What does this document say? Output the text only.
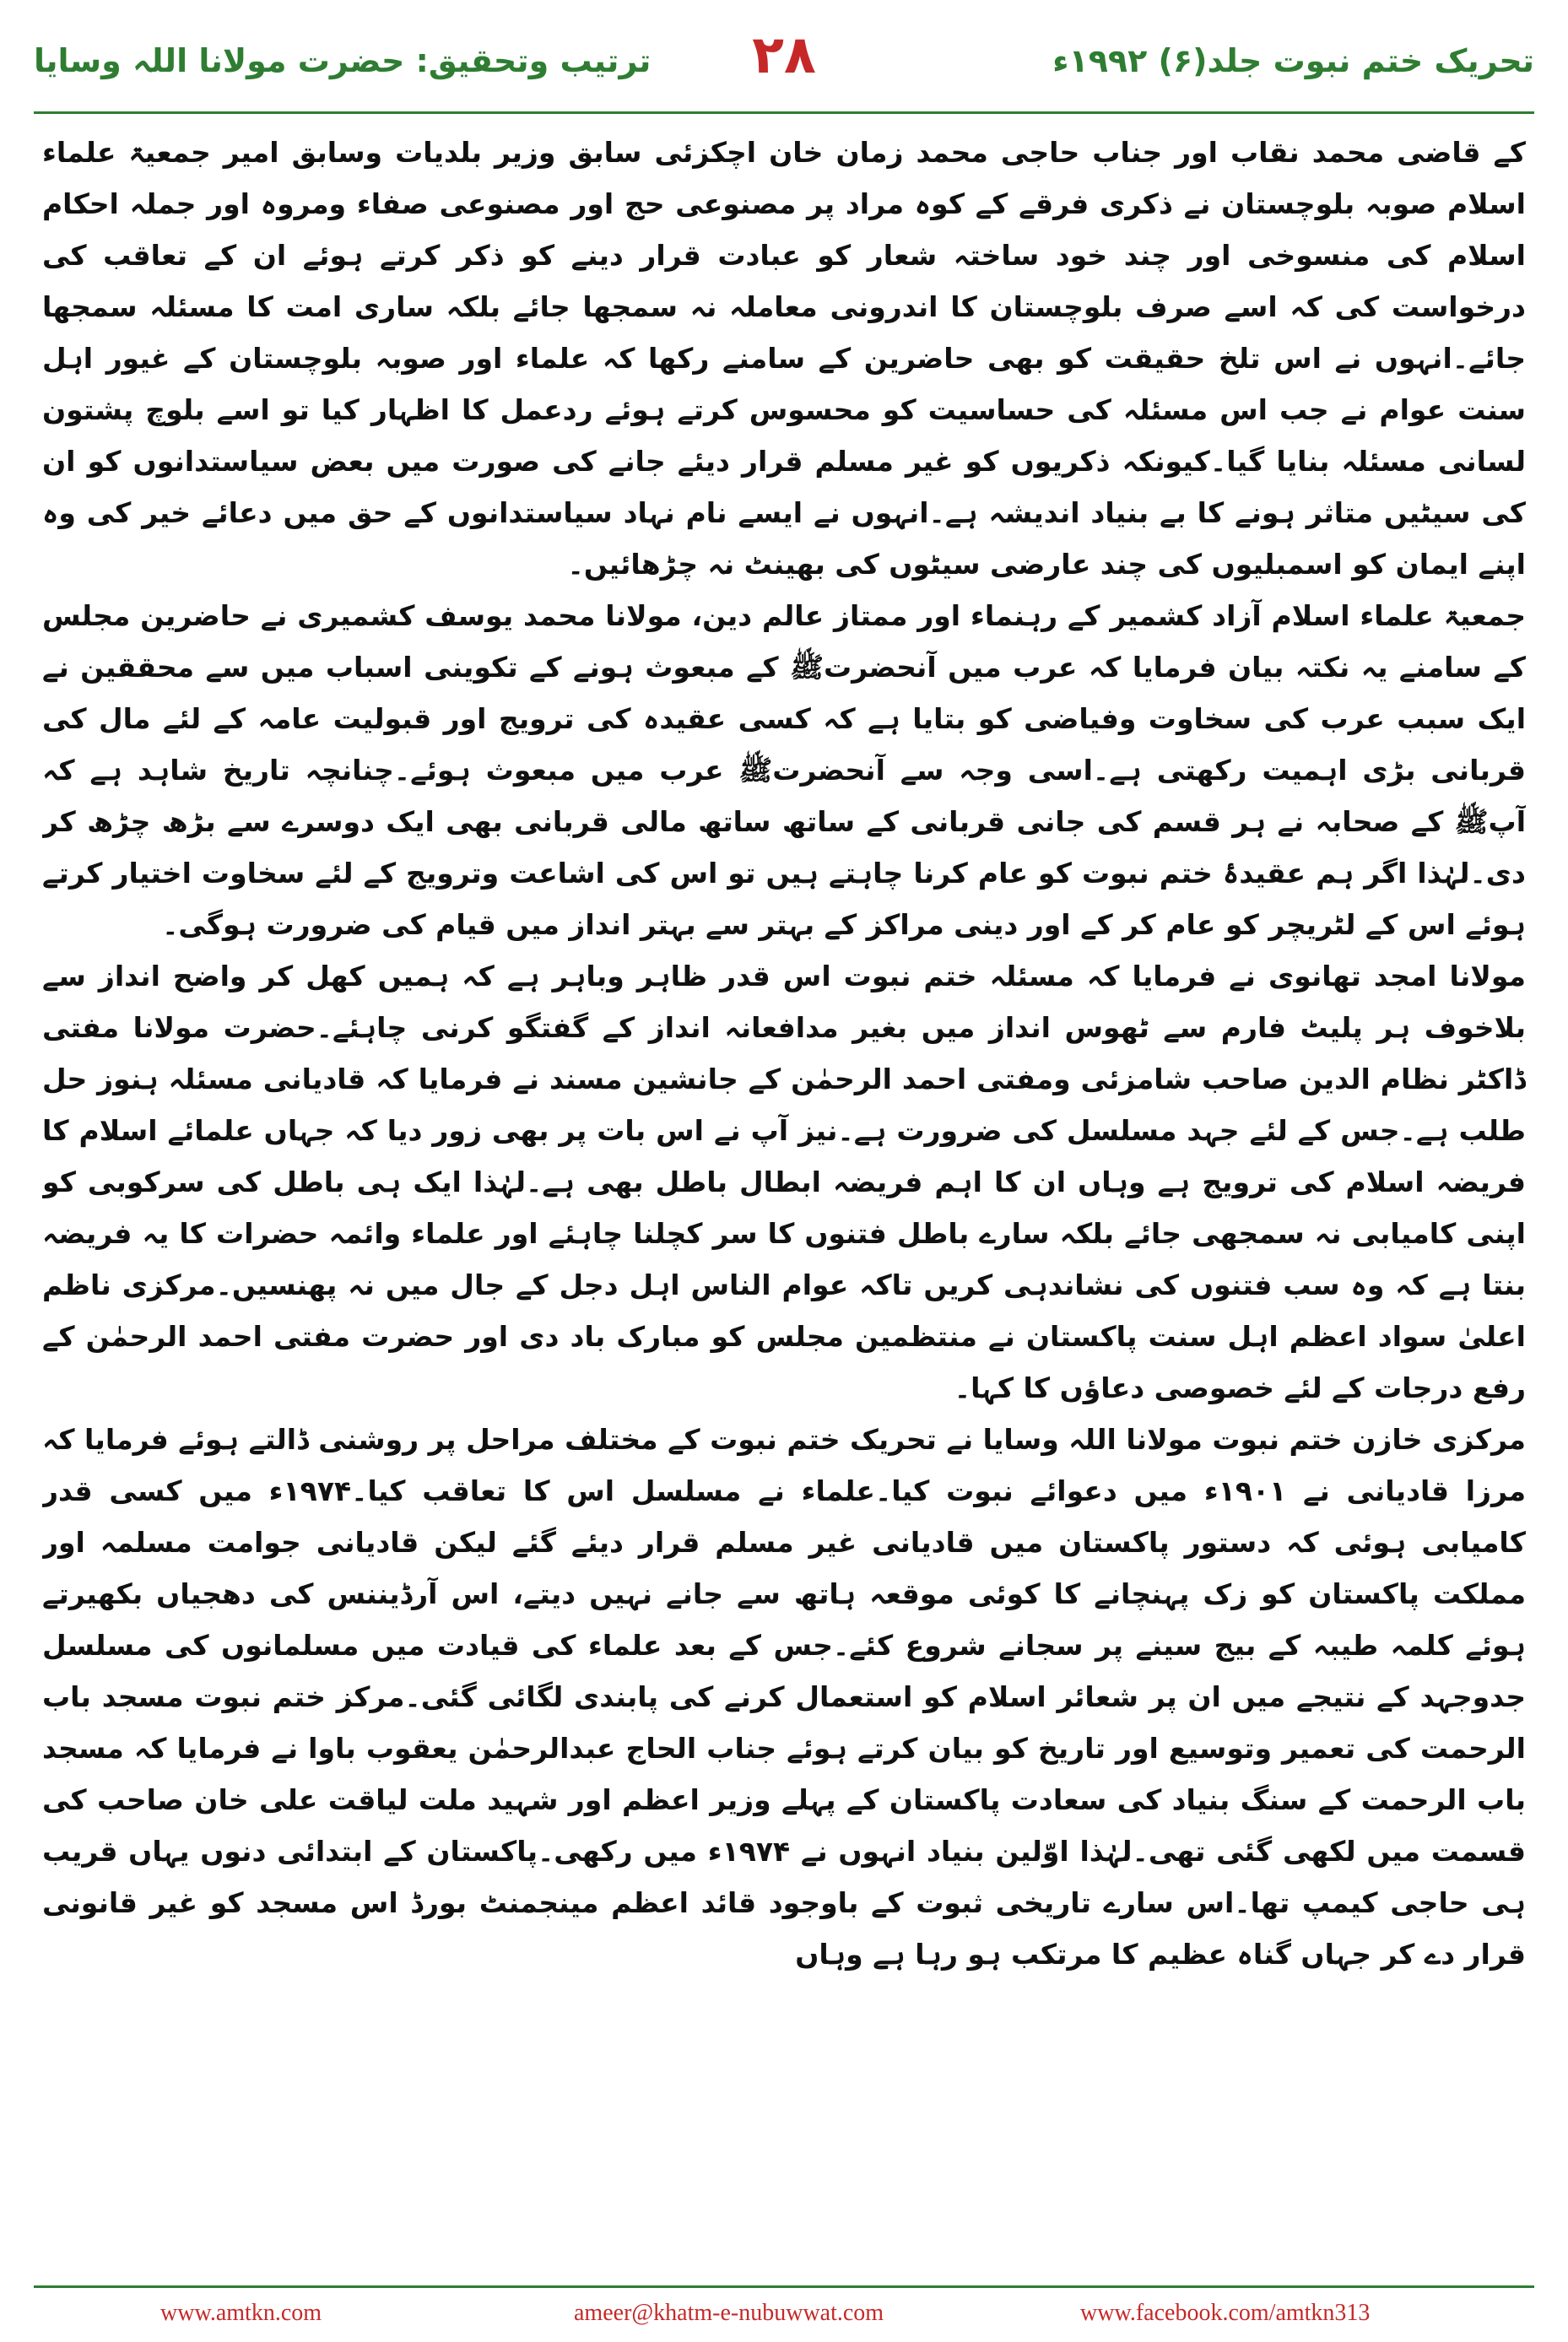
تحریک ختم نبوت جلد(۶) ۱۹۹۲ء
۲۸
ترتیب وتحقیق: حضرت مولانا اللہ وسایا

کے قاضی محمد نقاب اور جناب حاجی محمد زمان خان اچکزئی سابق وزیر بلدیات وسابق امیر جمعیۃ علماء اسلام صوبہ بلوچستان نے ذکری فرقے کے کوہ مراد پر مصنوعی حج اور مصنوعی صفاء ومروہ اور جملہ احکام اسلام کی منسوخی اور چند خود ساختہ شعار کو عبادت قرار دینے کو ذکر کرتے ہوئے ان کے تعاقب کی درخواست کی کہ اسے صرف بلوچستان کا اندرونی معاملہ نہ سمجھا جائے بلکہ ساری امت کا مسئلہ سمجھا جائے۔انہوں نے اس تلخ حقیقت کو بھی حاضرین کے سامنے رکھا کہ علماء اور صوبہ بلوچستان کے غیور اہل سنت عوام نے جب اس مسئلہ کی حساسیت کو محسوس کرتے ہوئے ردعمل کا اظہار کیا تو اسے بلوچ پشتون لسانی مسئلہ بنایا گیا۔کیونکہ ذکریوں کو غیر مسلم قرار دیئے جانے کی صورت میں بعض سیاستدانوں کو ان کی سیٹیں متاثر ہونے کا بے بنیاد اندیشہ ہے۔انہوں نے ایسے نام نہاد سیاستدانوں کے حق میں دعائے خیر کی وہ اپنے ایمان کو اسمبلیوں کی چند عارضی سیٹوں کی بھینٹ نہ چڑھائیں۔

جمعیۃ علماء اسلام آزاد کشمیر کے رہنماء اور ممتاز عالم دین، مولانا محمد یوسف کشمیری نے حاضرین مجلس کے سامنے یہ نکتہ بیان فرمایا کہ عرب میں آنحضرتﷺ کے مبعوث ہونے کے تکوینی اسباب میں سے محققین نے ایک سبب عرب کی سخاوت وفیاضی کو بتایا ہے کہ کسی عقیدہ کی ترویج اور قبولیت عامہ کے لئے مال کی قربانی بڑی اہمیت رکھتی ہے۔اسی وجہ سے آنحضرتﷺ عرب میں مبعوث ہوئے۔چنانچہ تاریخ شاہد ہے کہ آپﷺ کے صحابہ نے ہر قسم کی جانی قربانی کے ساتھ ساتھ مالی قربانی بھی ایک دوسرے سے بڑھ چڑھ کر دی۔لہٰذا اگر ہم عقیدۂ ختم نبوت کو عام کرنا چاہتے ہیں تو اس کی اشاعت وترویج کے لئے سخاوت اختیار کرتے ہوئے اس کے لٹریچر کو عام کر کے اور دینی مراکز کے بہتر سے بہتر انداز میں قیام کی ضرورت ہوگی۔

مولانا امجد تھانوی نے فرمایا کہ مسئلہ ختم نبوت اس قدر ظاہر وباہر ہے کہ ہمیں کھل کر واضح انداز سے بلاخوف ہر پلیٹ فارم سے ٹھوس انداز میں بغیر مدافعانہ انداز کے گفتگو کرنی چاہئے۔حضرت مولانا مفتی ڈاکٹر نظام الدین صاحب شامزئی ومفتی احمد الرحمٰن کے جانشین مسند نے فرمایا کہ قادیانی مسئلہ ہنوز حل طلب ہے۔جس کے لئے جہد مسلسل کی ضرورت ہے۔نیز آپ نے اس بات پر بھی زور دیا کہ جہاں علمائے اسلام کا فریضہ اسلام کی ترویج ہے وہاں ان کا اہم فریضہ ابطال باطل بھی ہے۔لہٰذا ایک ہی باطل کی سرکوبی کو اپنی کامیابی نہ سمجھی جائے بلکہ سارے باطل فتنوں کا سر کچلنا چاہئے اور علماء وائمہ حضرات کا یہ فریضہ بنتا ہے کہ وہ سب فتنوں کی نشاندہی کریں تاکہ عوام الناس اہل دجل کے جال میں نہ پھنسیں۔مرکزی ناظم اعلیٰ سواد اعظم اہل سنت پاکستان نے منتظمین مجلس کو مبارک باد دی اور حضرت مفتی احمد الرحمٰن کے رفع درجات کے لئے خصوصی دعاؤں کا کہا۔

مرکزی خازن ختم نبوت مولانا اللہ وسایا نے تحریک ختم نبوت کے مختلف مراحل پر روشنی ڈالتے ہوئے فرمایا کہ مرزا قادیانی نے ۱۹۰۱ء میں دعوائے نبوت کیا۔علماء نے مسلسل اس کا تعاقب کیا۔۱۹۷۴ء میں کسی قدر کامیابی ہوئی کہ دستور پاکستان میں قادیانی غیر مسلم قرار دیئے گئے لیکن قادیانی جوامت مسلمہ اور مملکت پاکستان کو زک پہنچانے کا کوئی موقعہ ہاتھ سے جانے نہیں دیتے، اس آرڈیننس کی دھجیاں بکھیرتے ہوئے کلمہ طیبہ کے بیج سینے پر سجانے شروع کئے۔جس کے بعد علماء کی قیادت میں مسلمانوں کی مسلسل جدوجہد کے نتیجے میں ان پر شعائر اسلام کو استعمال کرنے کی پابندی لگائی گئی۔مرکز ختم نبوت مسجد باب الرحمت کی تعمیر وتوسیع اور تاریخ کو بیان کرتے ہوئے جناب الحاج عبدالرحمٰن یعقوب باوا نے فرمایا کہ مسجد باب الرحمت کے سنگ بنیاد کی سعادت پاکستان کے پہلے وزیر اعظم اور شہید ملت لیاقت علی خان صاحب کی قسمت میں لکھی گئی تھی۔لہٰذا اوّلین بنیاد انہوں نے ۱۹۷۴ء میں رکھی۔پاکستان کے ابتدائی دنوں یہاں قریب ہی حاجی کیمپ تھا۔اس سارے تاریخی ثبوت کے باوجود قائد اعظم مینجمنٹ بورڈ اس مسجد کو غیر قانونی قرار دے کر جہاں گناہ عظیم کا مرتکب ہو رہا ہے وہاں

www.amtkn.com	ameer@khatm-e-nubuwwat.com	www.facebook.com/amtkn313
